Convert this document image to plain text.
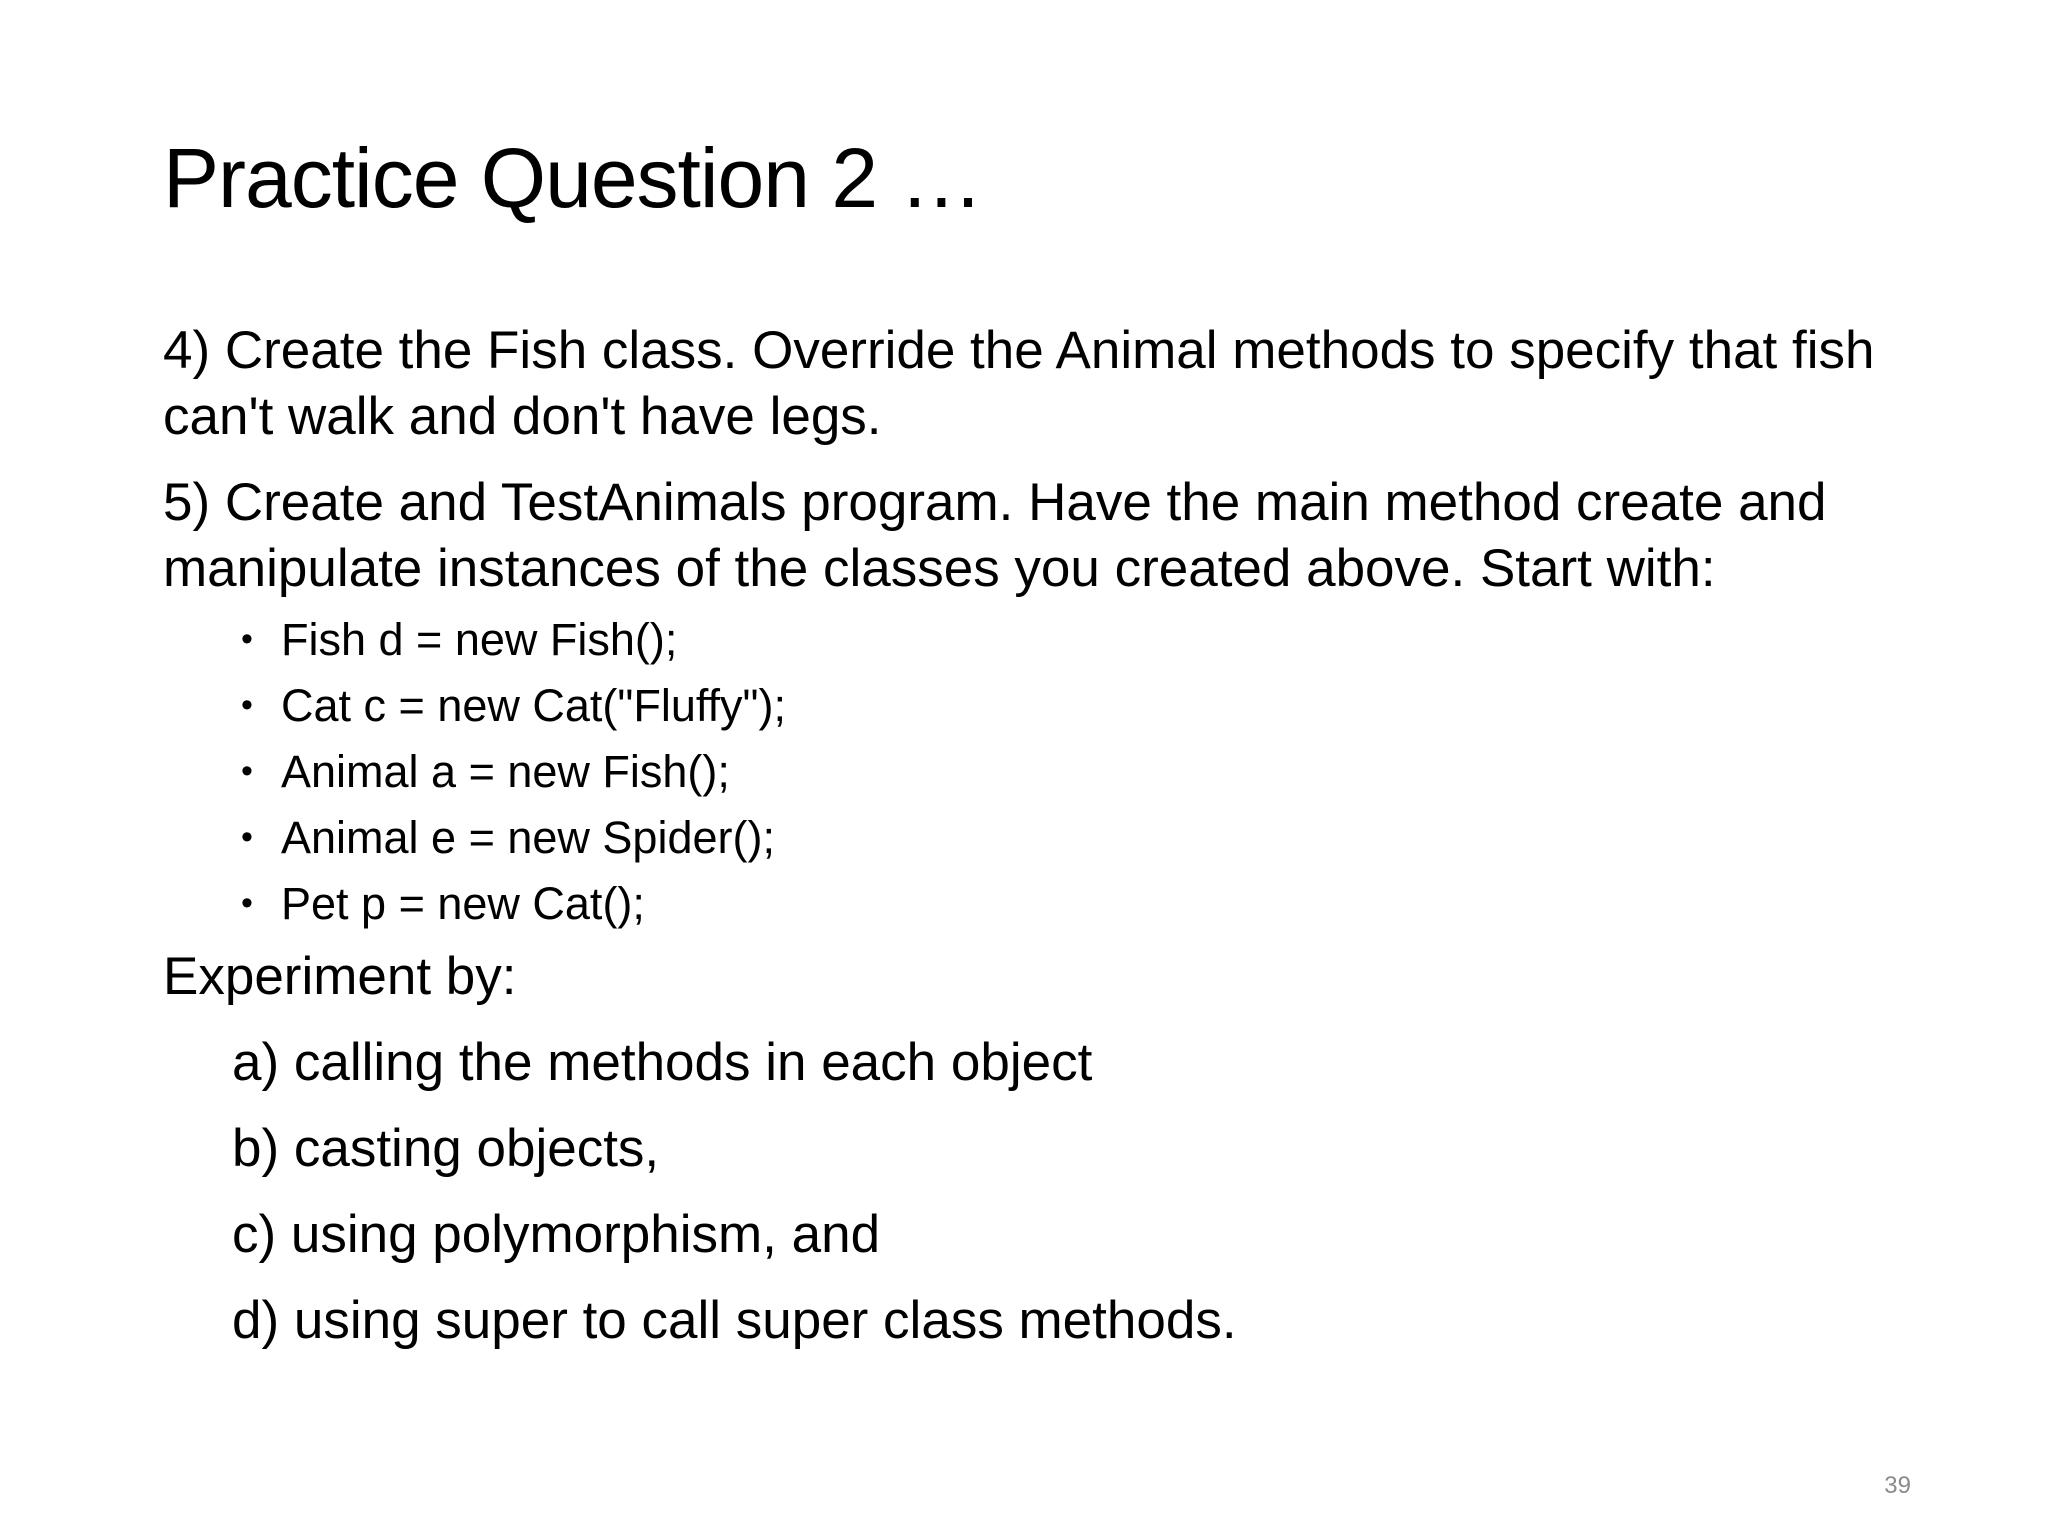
Practice Question 2 …

4) Create the Fish class. Override the Animal methods to specify that fish can't walk and don't have legs.

5) Create and TestAnimals program. Have the main method create and manipulate instances of the classes you created above. Start with:

• Fish d = new Fish();
• Cat c = new Cat("Fluffy");
• Animal a = new Fish();
• Animal e = new Spider();
• Pet p = new Cat();

Experiment by:

a) calling the methods in each object
b) casting objects,
c) using polymorphism, and
d) using super to call super class methods.
39
